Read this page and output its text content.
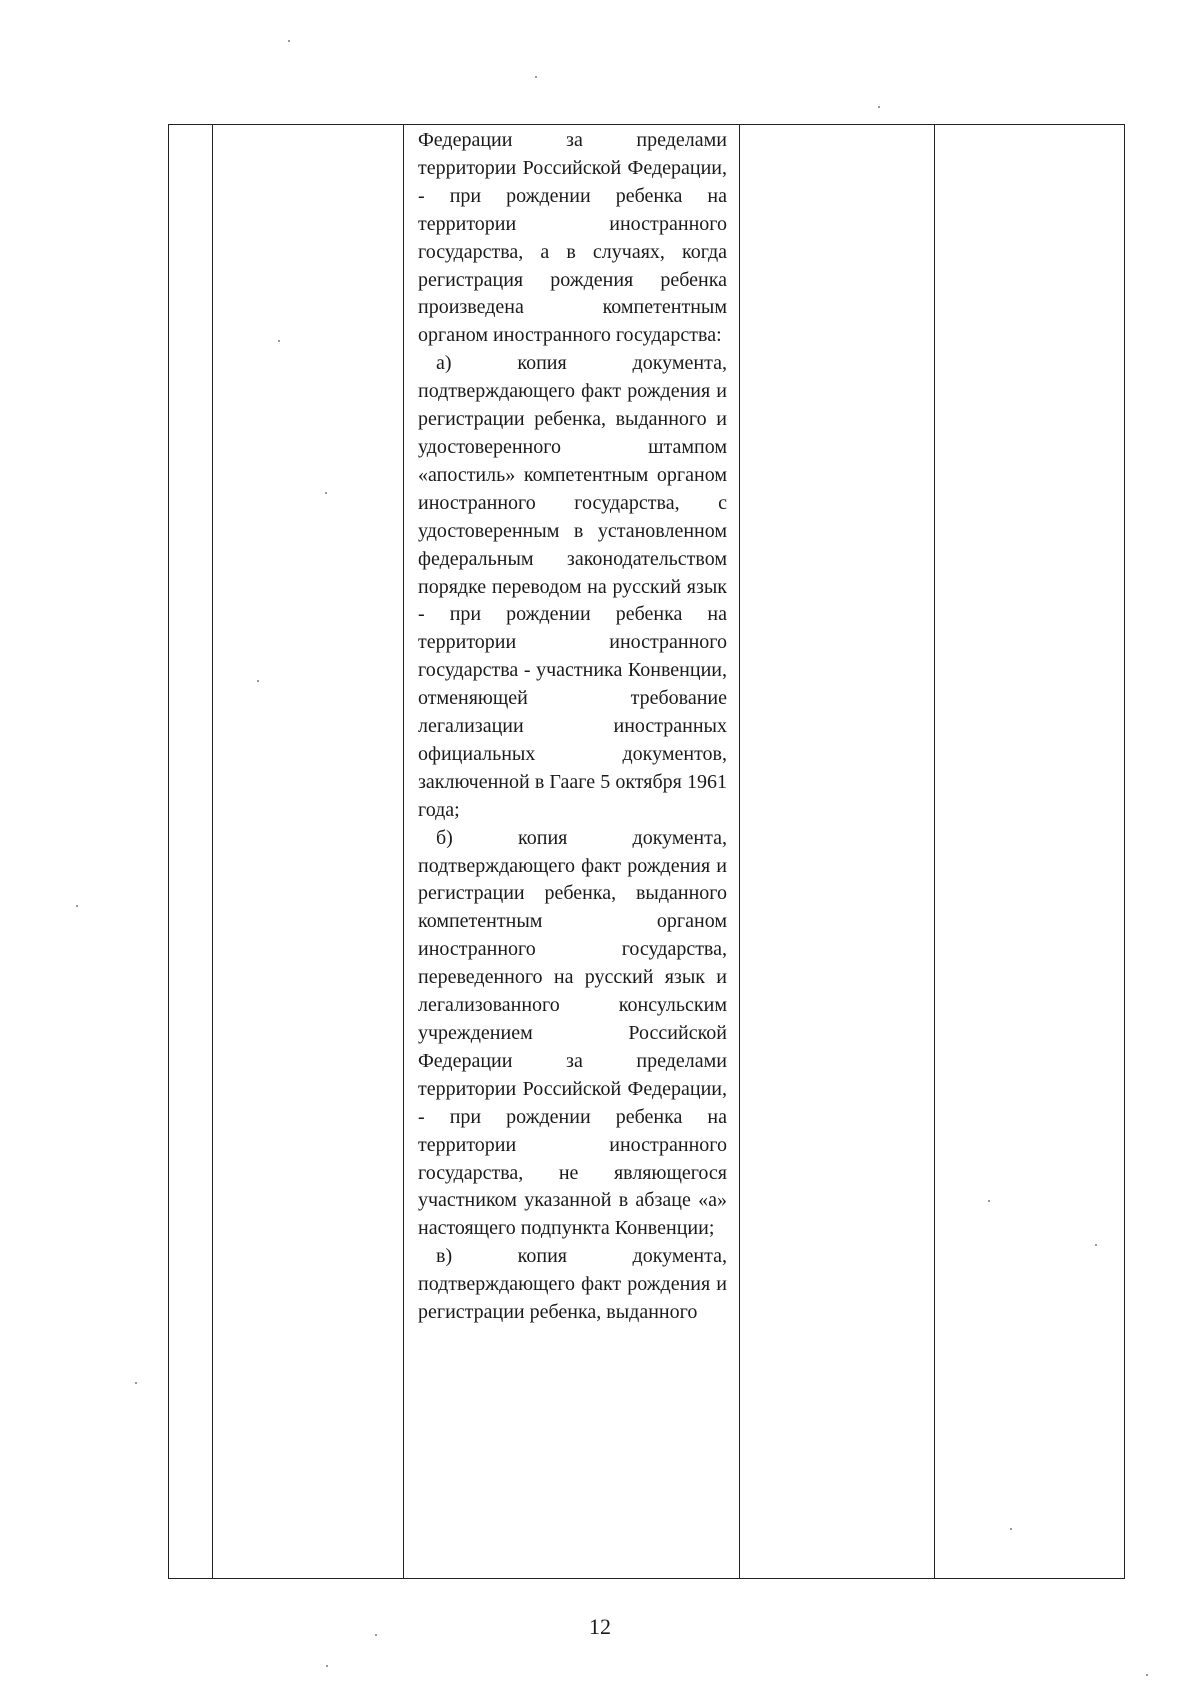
Федерации за пределами территории Российской Федерации, - при рождении ребенка на территории иностранного государства, а в случаях, когда регистрация рождения ребенка произведена компетентным органом иностранного государства:

а) копия документа, подтверждающего факт рождения и регистрации ребенка, выданного и удостоверенного штампом «апостиль» компетентным органом иностранного государства, с удостоверенным в установленном федеральным законодательством порядке переводом на русский язык - при рождении ребенка на территории иностранного государства - участника Конвенции, отменяющей требование легализации иностранных официальных документов, заключенной в Гааге 5 октября 1961 года;

б) копия документа, подтверждающего факт рождения и регистрации ребенка, выданного компетентным органом иностранного государства, переведенного на русский язык и легализованного консульским учреждением Российской Федерации за пределами территории Российской Федерации, - при рождении ребенка на территории иностранного государства, не являющегося участником указанной в абзаце «а» настоящего подпункта Конвенции;

в) копия документа, подтверждающего факт рождения и регистрации ребенка, выданного

12
